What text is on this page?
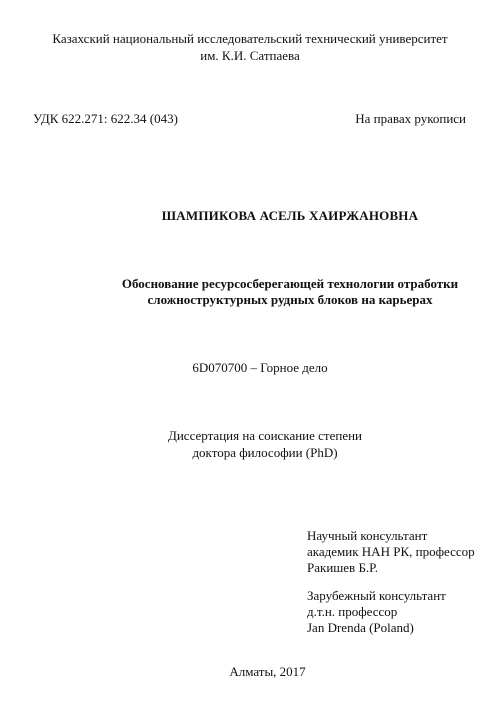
Казахский национальный исследовательский технический университет
им. К.И. Сатпаева
УДК 622.271: 622.34 (043)	На правах рукописи
ШАМПИКОВА АСЕЛЬ ХАИРЖАНОВНА
Обоснование ресурсосберегающей технологии отработки
сложноструктурных рудных блоков на карьерах
6D070700 – Горное дело
Диссертация на соискание степени
доктора философии (PhD)
Научный консультант
академик НАН РК, профессор
Ракишев Б.Р.
Зарубежный консультант
д.т.н. профессор
Jan Drenda (Poland)
Алматы, 2017
